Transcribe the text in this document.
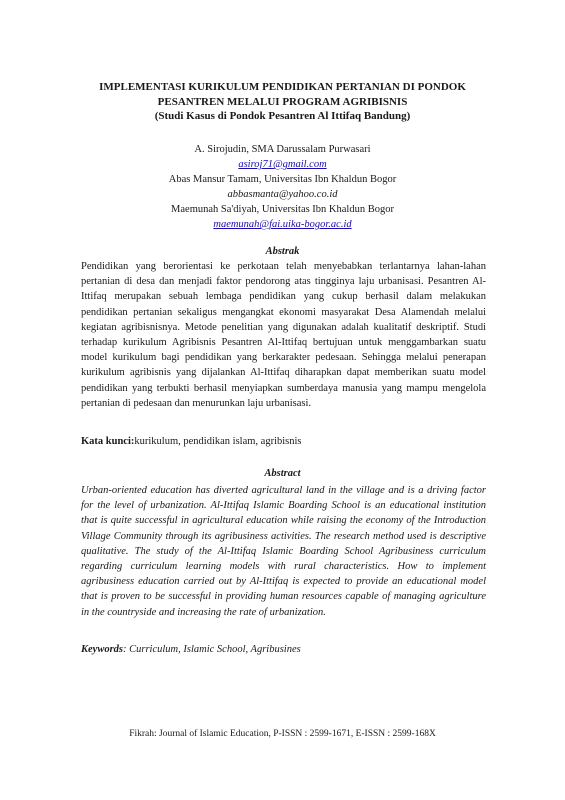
IMPLEMENTASI KURIKULUM PENDIDIKAN PERTANIAN DI PONDOK
PESANTREN MELALUI PROGRAM AGRIBISNIS
(Studi Kasus di Pondok Pesantren Al Ittifaq Bandung)
A. Sirojudin, SMA Darussalam Purwasari
asiroj71@gmail.com
Abas Mansur Tamam, Universitas Ibn Khaldun Bogor
abbasmanta@yahoo.co.id
Maemunah Sa'diyah, Universitas Ibn Khaldun Bogor
maemunah@fai.uika-bogor.ac.id
Abstrak
Pendidikan yang berorientasi ke perkotaan telah menyebabkan terlantarnya lahan-lahan pertanian di desa dan menjadi faktor pendorong atas tingginya laju urbanisasi. Pesantren Al-Ittifaq merupakan sebuah lembaga pendidikan yang cukup berhasil dalam melakukan pendidikan pertanian sekaligus mengangkat ekonomi masyarakat Desa Alamendah melalui kegiatan agribisnisnya. Metode penelitian yang digunakan adalah kualitatif deskriptif. Studi terhadap kurikulum Agribisnis Pesantren Al-Ittifaq bertujuan untuk menggambarkan suatu model kurikulum bagi pendidikan yang berkarakter pedesaan. Sehingga melalui penerapan kurikulum agribisnis yang dijalankan Al-Ittifaq diharapkan dapat memberikan suatu model pendidikan yang terbukti berhasil menyiapkan sumberdaya manusia yang mampu mengelola pertanian di pedesaan dan menurunkan laju urbanisasi.
Kata kunci:kurikulum, pendidikan islam, agribisnis
Abstract
Urban-oriented education has diverted agricultural land in the village and is a driving factor for the level of urbanization. Al-Ittifaq Islamic Boarding School is an educational institution that is quite successful in agricultural education while raising the economy of the Introduction Village Community through its agribusiness activities. The research method used is descriptive qualitative. The study of the Al-Ittifaq Islamic Boarding School Agribusiness curriculum regarding curriculum learning models with rural characteristics. How to implement agribusiness education carried out by Al-Ittifaq is expected to provide an educational model that is proven to be successful in providing human resources capable of managing agriculture in the countryside and increasing the rate of urbanization.
Keywords: Curriculum, Islamic School, Agribusines
Fikrah: Journal of Islamic Education, P-ISSN : 2599-1671, E-ISSN : 2599-168X
